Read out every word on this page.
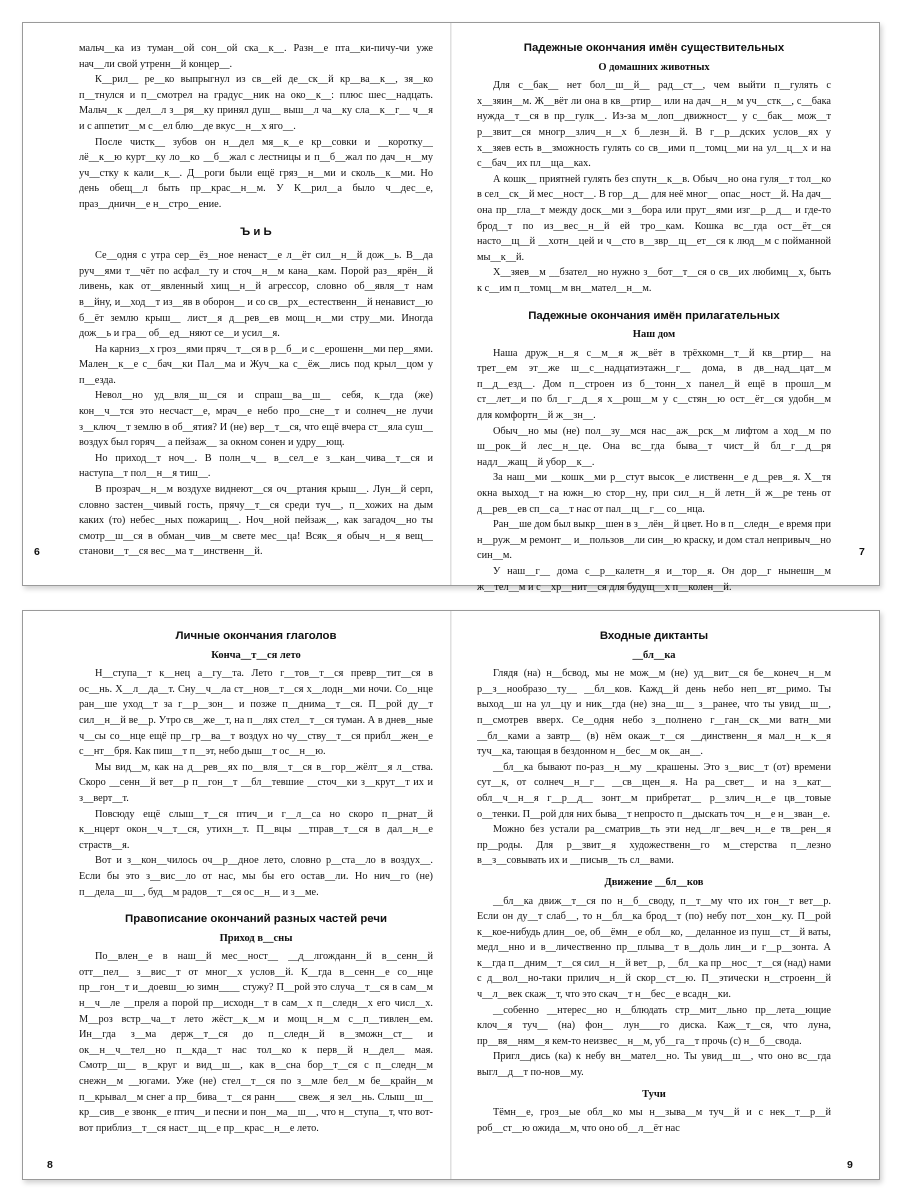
мальч__ка из туман__ой сон__ой ска__к__. Разн__е пта__ки-пичу-чи уже нач__ли свой утренн__й концер__.

К__рил__ ре__ко выпрыгнул из св__ей де__ск__й кр__ва__к__, зя__ко п__тнулся и п__смотрел на градус__ник на око__к__: плюс шес__надцать. Мальч__к __дел__л з__ря__ку принял душ__ выш__л ча__ку сла__к__г__ ч__я и с аппетит__м с__ел блю__де вкус__н__х яго__.

После чистк__ зубов он н__дел мя__к__е кр__совки и __коротку__ лё__к__ю курт__ку ло__ко __б__жал с лестницы и п__б__жал по дач__н__му уч__стку к кали__к__. Д__роги были ещё гряз__н__ми и сколь__к__ми. Но день обещ__л быть пр__крас__н__м. У К__рил__а было ч__дес__е, праз__дничн__е н__стро__ение.

Ъ и Ь

Се__одня с утра сер__ёз__ное ненаст__е л__ёт сил__н__й дож__ь. В__да руч__ями т__чёт по асфал__ту и сточ__н__м кана__кам. Порой раз__ярён__й ливень, как от__явленный хищ__н__й агрессор, словно об__явля__т нам в__йну, и__ход__т из__яв в оборон__ и со св__рх__естественн__й ненавист__ю б__ёт землю крыш__ лист__я д__рев__ев мощ__н__ми стру__ми. Иногда дож__ь и гра__ об__ед__няют се__и усил__я.

На карниз__х гроз__ями пряч__т__ся в р__б__и с__ерошенн__ми пер__ями. Мален__к__е с__бач__ки Пал__ма и Жуч__ка с__ёж__лись под крыл__цом у п__ездa.

Невол__но уд__вля__ш__ся и спраш__ва__ш__ себя, к__гда (же) кон__ч__тся это несчаст__е, мрач__е небо про__сне__т и солнеч__не лучи з__ключ__т землю в об__ятия? И (не) вер__т__ся, что ещё вчера ст__яла суш__ воздух был горяч__ а пейзаж__ за окном сонен и удру__ющ.

Но приход__т ноч__. В полн__ч__ в__сел__е з__кан__чива__т__ся и наступа__т пол__н__я тиш__.

В прозрач__н__м воздухе виднеют__ся оч__ртания крыш__. Лун__й серп, словно застен__чивый гость, прячу__т__ся среди туч__, п__хожих на дым каких (то) небес__ных пожарищ__. Ноч__ной пейзаж__, как загадоч__но ты смотр__ш__ся в обман__чив__м свете мес__ца! Всяк__я обыч__н__я вещ__ станови__т__ся вес__ма т__инственн__й.

Падежные окончания имён существительных
О домашних животных

Для с__бак__ нет бол__ш__й__ рад__ст__, чем выйти п__гулять с х__зяин__м. Ж__вёт ли она в кв__ртир__ или на дач__н__м уч__стк__, с__бака нужда__т__ся в пр__гулк__. Из-за м__лоп__движност__ у с__бак__ мож__т р__звит__ся многр__злич__н__х б__лезн__й. В г__р__дских услов__ях у х__зяев есть в__зможность гулять со св__ими п__томц__ми на ул__ц__х и на с__бач__их пл__ща__ках.

А кошк__ приятней гулять без спутн__к__в. Обыч__но она гуля__т тол__ко в сел__ск__й мес__ност__. В гор__д__ для неё мног__ опас__ност__й. На дач__ она пр__гла__т между доск__ми з__бора или прут__ями изг__р__д__ и где-то брод__т по из__вес__н__й ей тро__кам. Кошка вс__гда ост__ёт__ся насто__щ__й __хотн__цей и ч__сто в__звр__щ__ет__ся к люд__м с пойманной мы__к__й.

Х__зяев__м __бзател__но нужно з__бот__т__ся о св__их любимц__х, быть к с__им п__томц__м вн__мател__н__м.

Падежные окончания имён прилагательных
Наш дом

Наша друж__н__я с__м__я ж__вёт в трёхкомн__т__й кв__ртир__ на трет__ем эт__же ш__с__надцатиэтажн__г__ дома, в дв__над__цат__м п__д__езд__. Дом п__строен из б__тонн__х панел__й ещё в прошл__м ст__лет__и по бл__г__д__я х__рош__м у с__стян__ю ост__ёт__ся удобн__м для комфортн__й ж__зн__.

Обыч__но мы (не) пол__зу__мся нас__аж__рск__м лифтом а ход__м по ш__рок__й лес__н__це. Она вс__гда быва__т чист__й бл__г__д__ря надл__жащ__й убор__к__.

За наш__ми __кошк__ми р__стут высок__е лиственн__е д__рев__я. Х__тя окна выход__т на южн__ю стор__ну, при сил__н__й летн__й ж__ре тень от д__рев__ев сп__са__т нас от пал__щ__г__ со__нца.

Ран__ше дом был выкр__шен в з__лён__й цвет. Но в п__следн__е время при н__руж__м ремонт__ и__пользов__ли син__ю краску, и дом стал непривыч__но син__м.

У наш__г__ дома с__р__калетн__я и__тор__я. Он дор__г нынешн__м ж__тел__м и с__хр__нит__ся для будущ__х п__колен__й.

6	7
Личные окончания глаголов
Конча__т__ся лето

Н__ступа__т к__нец а__гу__та. Лето г__тов__т__ся превр__тит__ся в ос__нь. Х__л__да__т. Сну__ч__ла ст__нов__т__ся х__лодн__ми ночи. Со__нце ран__ше уход__т за г__р__зон__ и позже п__днима__т__ся. П__рой ду__т сил__н__й ве__р. Утро св__же__т, на п__лях стел__т__ся туман. А в днев__ные ч__сы со__нце ещё пр__гр__ва__т воздух но чу__ству__т__ся прибл__жен__е с__нт__бря. Как пиш__т п__эт, небо дыш__т ос__н__ю.

Мы вид__м, как на д__рев__ях по__вля__т__ся в__гор__жёлт__я л__ства. Скоро __сенн__й вет__р п__гон__т __бл__тевшие __сточ__ки з__крут__т их и з__верт__т.

Повсюду ещё слыш__т__ся птич__и г__л__са но скоро п__рнат__й к__нцерт окон__ч__т__ся, утихн__т. П__вцы __тправ__т__ся в дал__н__е страств__я.

Вот и з__кон__чилось оч__р__дное лето, словно р__ста__ло в воздух__. Если бы это з__вис__ло от нас, мы бы его остав__ли. Но нич__го (не) п__дела__ш__, буд__м радов__т__ся ос__н__ и з__ме.

Правописание окончаний разных частей речи
Приход в__сны

По__влен__е в наш__й мес__ност__ __д__лгожданн__й в__сенн__й отт__пел__ з__вис__т от мног__х услов__й. К__гда в__сенн__е со__нце пр__гон__т и__доевш__ю зимн____ стужу? П__рой это случа__т__ся в сам__м н__ч__ле __преля а порой пр__исходн__т в сам__х п__следн__х его числ__х. М__роз встр__ча__т лето жёст__к__м и мощ__н__м с__п__тивлен__ем. Ин__гда з__ма держ__т__ся до п__следн__й в__зможн__ст__ и ок__н__ч__тел__но п__кда__т нас тол__ко к перв__й н__дел__ мая. Смотр__ш__ в__круг и вид__ш__, как в__сна бор__т__ся с п__следн__м снежн__м __югами. Уже (не) стел__т__ся по з__мле бел__м бе__крайн__м п__крывал__м снег а пр__бива__т__ся ранн____ свеж__я зел__нь. Слыш__ш__ кр__сив__е звонк__е птич__и песни и пон__ма__ш__, что н__ступа__т, что вот-вот приблиз__т__ся наст__щ__е пр__крас__н__е лето.

Входные диктанты
__бл__ка

Глядя (на) н__бсвод, мы не мож__м (не) уд__вит__ся бе__конеч__н__м р__з__нообразо__ту__ __бл__ков. Кажд__й день небо неп__вт__римо. Ты выход__ш на ул__цу и ник__гда (не) зна__ш__ з__ранее, что ты увид__ш__, п__смотрев вверх. Се__одня небо з__полнено г__ган__ск__ми ватн__ми __бл__ками а завтр__ (в) нём окаж__т__ся __динственн__я мал__н__к__я туч__ка, тающая в бездонном н__бес__м ок__ан__.

__бл__ка бывают по-раз__н__му __крашены. Это з__вис__т (от) времени сут__к, от солнеч__н__г__ __св__щен__я. На ра__свет__ и на з__кат__ обл__ч__н__я г__р__д__ зонт__м прибретат__ р__злич__н__е цв__товые о__тенки. П__рой для них быва__т непросто п__дыскать точ__н__е н__зван__е.

Можно без устали ра__сматрив__ть эти нед__лг__веч__н__е тв__рен__я пр__роды. Для р__звит__я художественн__го м__стерства п__лезно в__з__совывать их и __писыв__ть сл__вами.

Движение __бл__ков

__бл__ка движ__т__ся по н__б__своду, п__т__му что их гон__т вет__р. Если он ду__т слаб__, то н__бл__ка брод__т (по) небу пот__хон__ку. П__рой к__кое-нибудь длин__ое, об__ёмн__е обл__ко, __деланное из пуш__ст__й ваты, медл__нно и в__личественно пр__плыва__т в__доль лин__и г__р__зонта. А к__гда п__дним__т__ся сил__н__й вет__р, __бл__ка пр__нос__т__ся (над) нами с д__вол__но-таки прилич__н__й скор__ст__ю. П__этически н__строенн__й ч__л__век скаж__т, что это скач__т н__бес__е всадн__ки.

__собенно __нтерес__но н__блюдать стр__мит__льно пр__лета__ющие клоч__я туч__ (на) фон__ лун____го диска. Каж__т__ся, что луна, пр__вя__ням__я кем-то неизвес__н__м, уб__га__т прочь (с) н__б__свода.

Пригл__дись (ка) к небу вн__мател__но. Ты увид__ш__, что оно вс__гда выгл__д__т по-нов__му.

Тучи

Тёмн__е, гроз__ые обл__ко мы н__зыва__м туч__й и с нек__т__р__й роб__ст__ю ожида__м, что оно об__л__ёт нас

8	9
